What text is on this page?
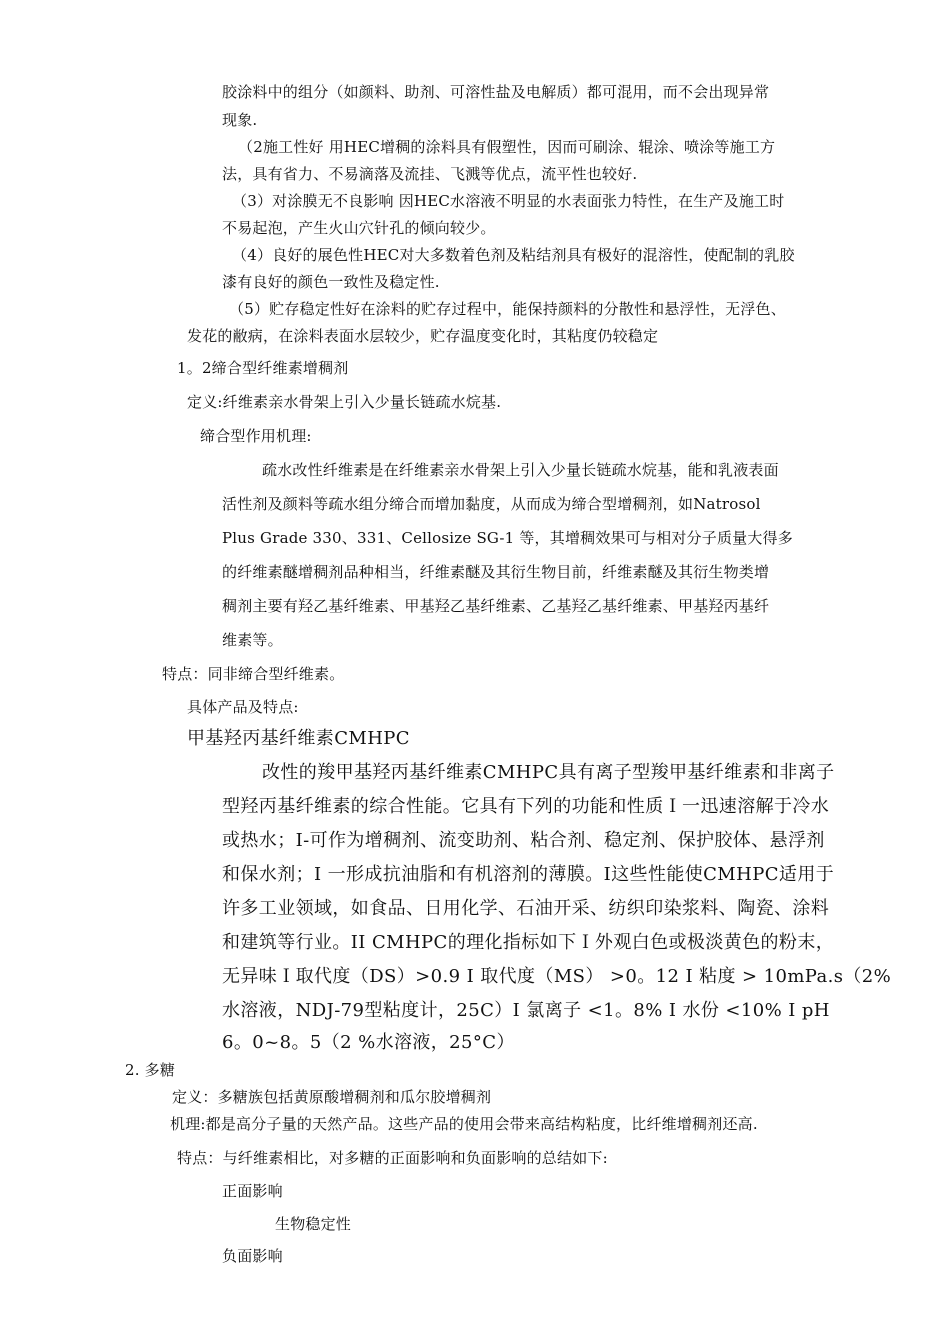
胶涂料中的组分（如颜料、助剂、可溶性盐及电解质）都可混用，而不会出现异常
现象.
（2施工性好 用HEC增稠的涂料具有假塑性，因而可刷涂、辊涂、喷涂等施工方
法，具有省力、不易滴落及流挂、飞溅等优点，流平性也较好.
（3）对涂膜无不良影响 因HEC水溶液不明显的水表面张力特性，在生产及施工时
不易起泡，产生火山穴针孔的倾向较少。
（4）良好的展色性HEC对大多数着色剂及粘结剂具有极好的混溶性，使配制的乳胶
漆有良好的颜色一致性及稳定性.
（5）贮存稳定性好在涂料的贮存过程中，能保持颜料的分散性和悬浮性，无浮色、
发花的敝病，在涂料表面水层较少，贮存温度变化时，其粘度仍较稳定
1。2缔合型纤维素增稠剂
定义:纤维素亲水骨架上引入少量长链疏水烷基.
缔合型作用机理:
疏水改性纤维素是在纤维素亲水骨架上引入少量长链疏水烷基，能和乳液表面
活性剂及颜料等疏水组分缔合而增加黏度，从而成为缔合型增稠剂，如Natrosol
Plus Grade 330、331、Cellosize SG-1 等，其增稠效果可与相对分子质量大得多
的纤维素醚增稠剂品种相当，纤维素醚及其衍生物目前，纤维素醚及其衍生物类增
稠剂主要有羟乙基纤维素、甲基羟乙基纤维素、乙基羟乙基纤维素、甲基羟丙基纤
维素等。
特点：同非缔合型纤维素。
具体产品及特点:
甲基羟丙基纤维素CMHPC
改性的羧甲基羟丙基纤维素CMHPC具有离子型羧甲基纤维素和非离子
型羟丙基纤维素的综合性能。它具有下列的功能和性质Ｉ一迅速溶解于冷水
或热水；I-可作为增稠剂、流变助剂、粘合剂、稳定剂、保护胶体、悬浮剂
和保水剂；I 一形成抗油脂和有机溶剂的薄膜。I这些性能使CMHPC适用于
许多工业领域，如食品、日用化学、石油开采、纺织印染浆料、陶瓷、涂料
和建筑等行业。II CMHPC的理化指标如下Ｉ外观白色或极淡黄色的粉末，
无异味Ｉ取代度（DS）>0.9 I 取代度（MS） >0。12 I 粘度 > 10mPa.s（2%
水溶液，NDJ-79型粘度计，25C）I 氯离子 <1。8% I 水份 <10% I pH
6。0~8。5（2 %水溶液，25°C）
2. 多糖
定义：多糖族包括黄原酸增稠剂和瓜尔胶增稠剂
机理:都是高分子量的天然产品。这些产品的使用会带来高结构粘度，比纤维增稠剂还高.
特点：与纤维素相比，对多糖的正面影响和负面影响的总结如下:
正面影响
生物稳定性
负面影响
